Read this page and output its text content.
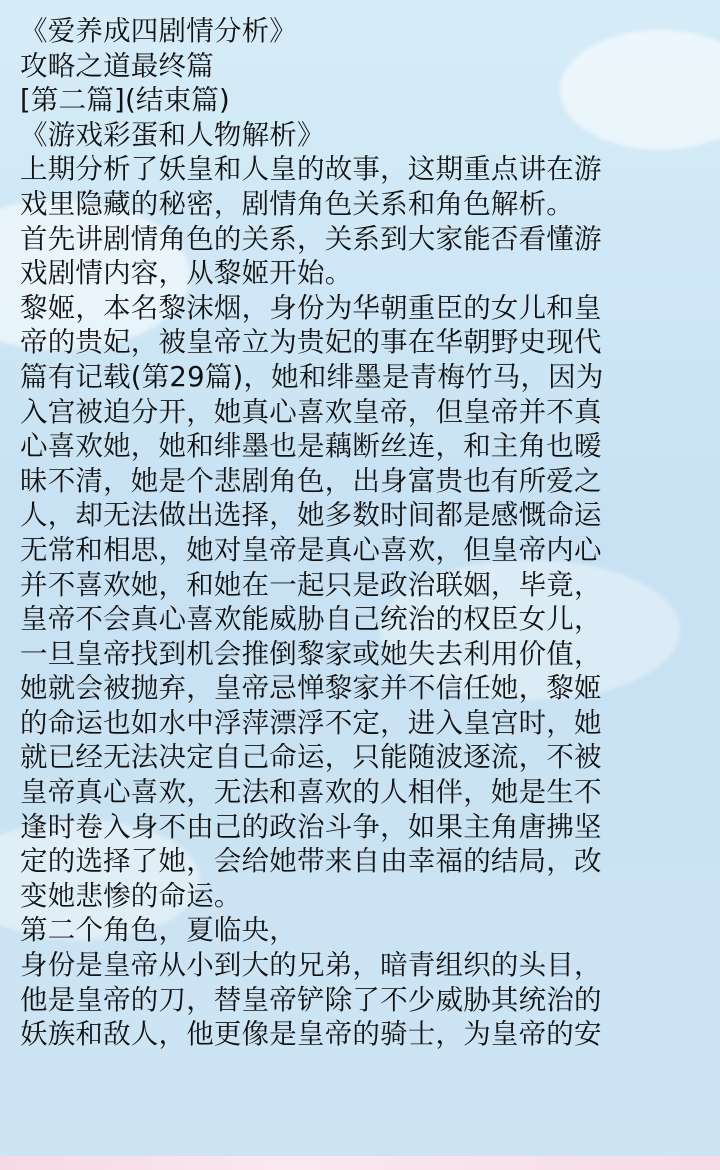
《爱养成四剧情分析》

攻略之道最终篇

[第二篇](结束篇)

《游戏彩蛋和人物解析》

上期分析了妖皇和人皇的故事，这期重点讲在游

戏里隐藏的秘密，剧情角色关系和角色解析。

首先讲剧情角色的关系，关系到大家能否看懂游

戏剧情内容，从黎姬开始。

黎姬，本名黎沫烟，身份为华朝重臣的女儿和皇

帝的贵妃，被皇帝立为贵妃的事在华朝野史现代

篇有记载(第29篇)，她和绯墨是青梅竹马，因为

入宫被迫分开，她真心喜欢皇帝，但皇帝并不真

心喜欢她，她和绯墨也是藕断丝连，和主角也暧

昧不清，她是个悲剧角色，出身富贵也有所爱之

人，却无法做出选择，她多数时间都是感慨命运

无常和相思，她对皇帝是真心喜欢，但皇帝内心

并不喜欢她，和她在一起只是政治联姻，毕竟，

皇帝不会真心喜欢能威胁自己统治的权臣女儿，

一旦皇帝找到机会推倒黎家或她失去利用价值，

她就会被抛弃，皇帝忌惮黎家并不信任她，黎姬

的命运也如水中浮萍漂浮不定，进入皇宫时，她

就已经无法决定自己命运，只能随波逐流，不被

皇帝真心喜欢，无法和喜欢的人相伴，她是生不

逢时卷入身不由己的政治斗争，如果主角唐拂坚

定的选择了她，会给她带来自由幸福的结局，改

变她悲惨的命运。

第二个角色，夏临央，

身份是皇帝从小到大的兄弟，暗青组织的头目，

他是皇帝的刀，替皇帝铲除了不少威胁其统治的

妖族和敌人，他更像是皇帝的骑士，为皇帝的安
